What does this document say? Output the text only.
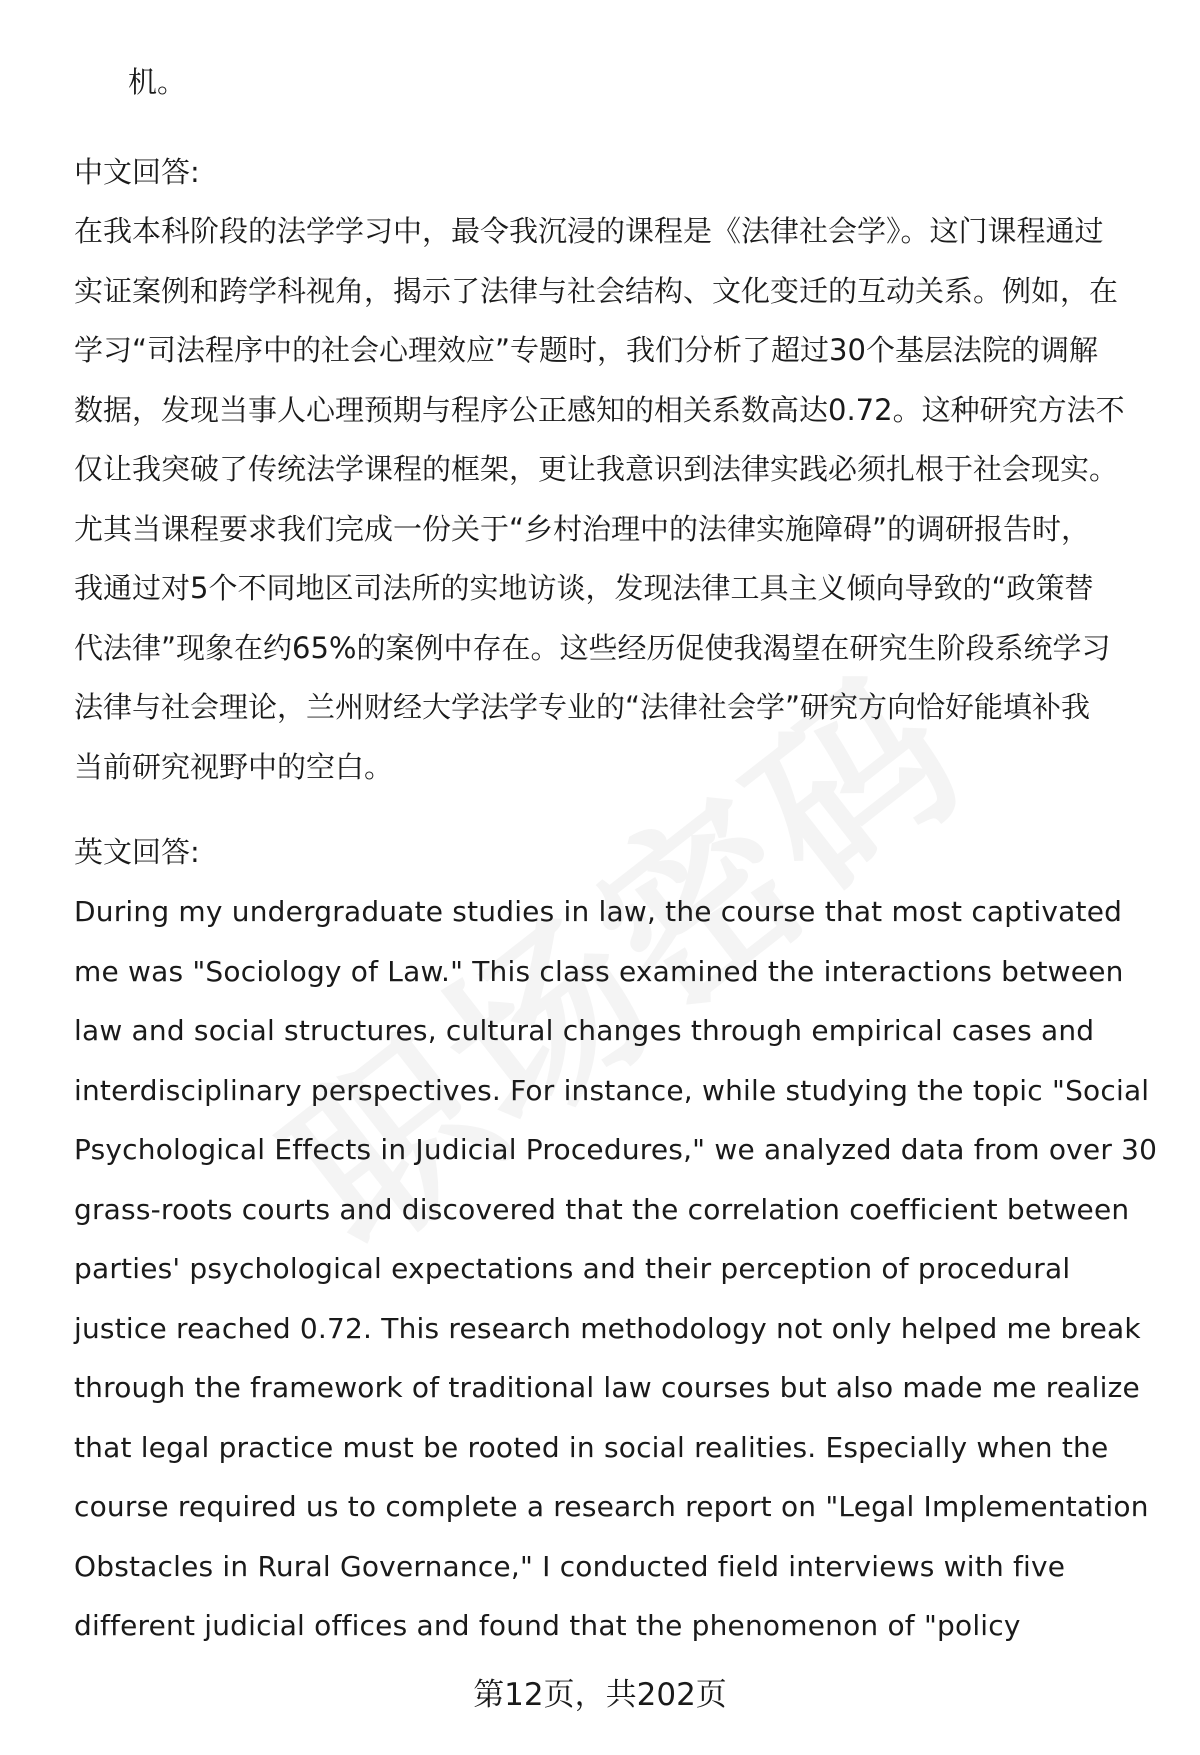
机。

中文回答:

在我本科阶段的法学学习中，最令我沉浸的课程是《法律社会学》。这门课程通过

实证案例和跨学科视角，揭示了法律与社会结构、文化变迁的互动关系。例如，在

学习“司法程序中的社会心理效应”专题时，我们分析了超过30个基层法院的调解

数据，发现当事人心理预期与程序公正感知的相关系数高达0.72。这种研究方法不

仅让我突破了传统法学课程的框架，更让我意识到法律实践必须扎根于社会现实。

尤其当课程要求我们完成一份关于“乡村治理中的法律实施障碍”的调研报告时，

我通过对5个不同地区司法所的实地访谈，发现法律工具主义倾向导致的“政策替

代法律”现象在约65%的案例中存在。这些经历促使我渴望在研究生阶段系统学习

法律与社会理论，兰州财经大学法学专业的“法律社会学”研究方向恰好能填补我

当前研究视野中的空白。

英文回答:

During my undergraduate studies in law, the course that most captivated

me was "Sociology of Law." This class examined the interactions between

law and social structures, cultural changes through empirical cases and

interdisciplinary perspectives. For instance, while studying the topic "Social

Psychological Effects in Judicial Procedures," we analyzed data from over 30

grass-roots courts and discovered that the correlation coefficient between

parties' psychological expectations and their perception of procedural

justice reached 0.72. This research methodology not only helped me break

through the framework of traditional law courses but also made me realize

that legal practice must be rooted in social realities. Especially when the

course required us to complete a research report on "Legal Implementation

Obstacles in Rural Governance," I conducted field interviews with five

different judicial offices and found that the phenomenon of "policy

第12页，共202页
